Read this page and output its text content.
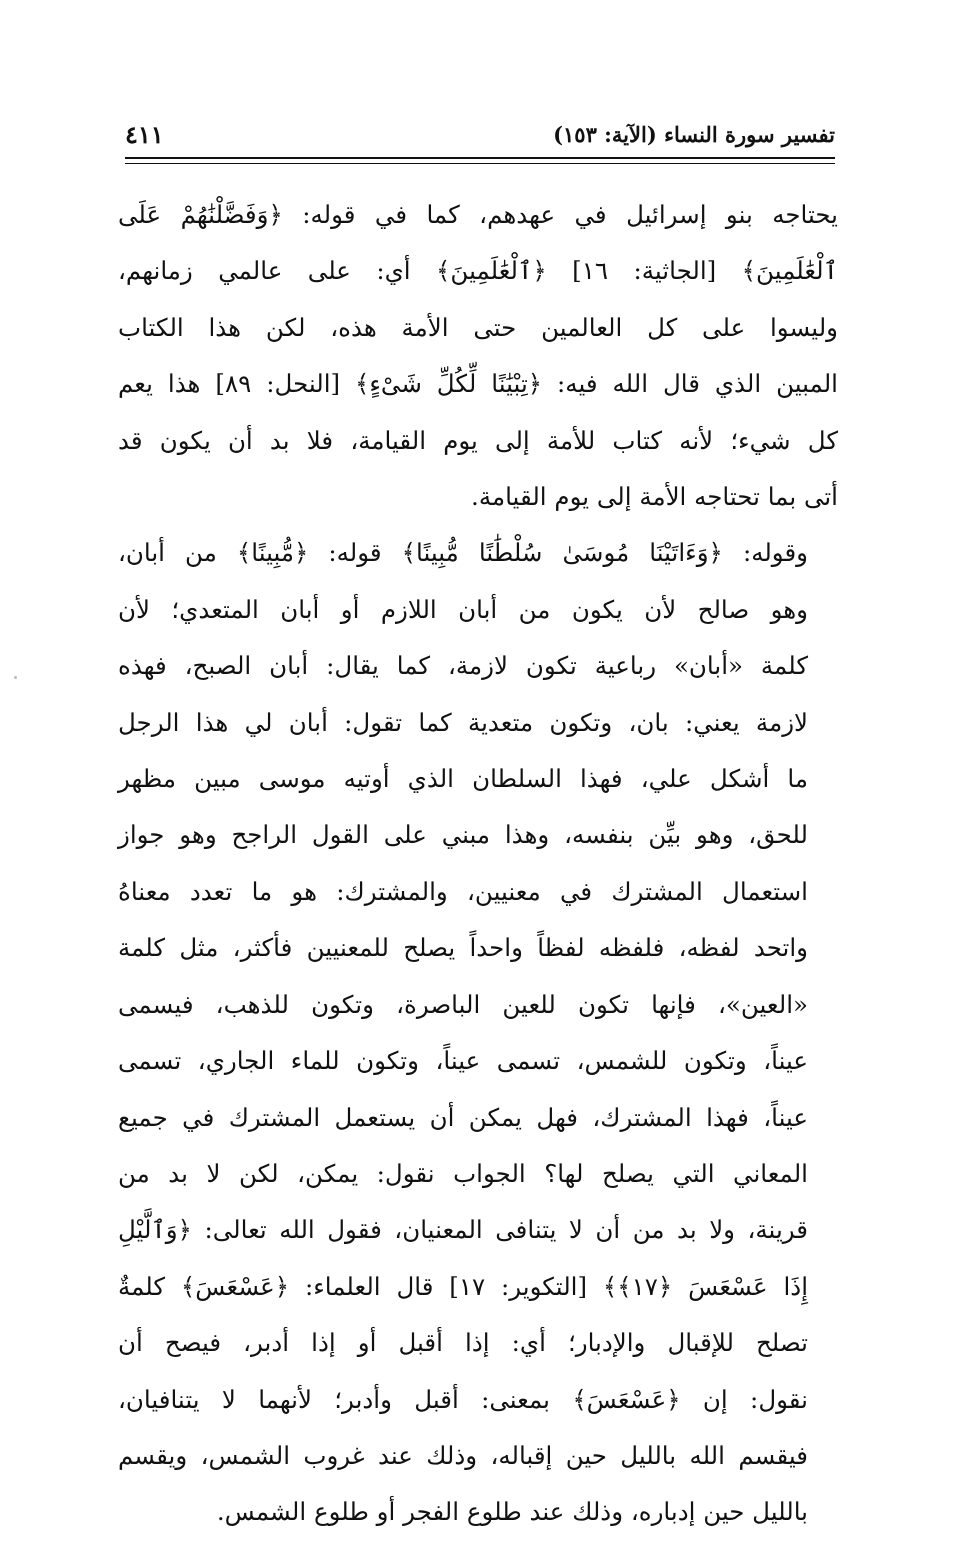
تفسير سورة النساء (الآية: ١٥٣)
٤١١

يحتاجه بنو إسرائيل في عهدهم، كما في قوله: ﴿وَفَضَّلْنَٰهُمْ عَلَى
ٱلْعَٰلَمِينَ﴾ [الجاثية: ١٦] ﴿ٱلْعَٰلَمِينَ﴾ أي: على عالمي زمانهم،
وليسوا على كل العالمين حتى الأمة هذه، لكن هذا الكتاب
المبين الذي قال الله فيه: ﴿تِبْيَٰنًا لِّكُلِّ شَىْءٍ﴾ [النحل: ٨٩] هذا يعم
كل شيء؛ لأنه كتاب للأمة إلى يوم القيامة، فلا بد أن يكون قد
أتى بما تحتاجه الأمة إلى يوم القيامة.

وقوله: ﴿وَءَاتَيْنَا مُوسَىٰ سُلْطَٰنًا مُّبِينًا﴾ قوله: ﴿مُّبِينًا﴾ من أبان،
وهو صالح لأن يكون من أبان اللازم أو أبان المتعدي؛ لأن
كلمة «أبان» رباعية تكون لازمة، كما يقال: أبان الصبح، فهذه
لازمة يعني: بان، وتكون متعدية كما تقول: أبان لي هذا الرجل
ما أشكل علي، فهذا السلطان الذي أوتيه موسى مبين مظهر
للحق، وهو بيِّن بنفسه، وهذا مبني على القول الراجح وهو جواز
استعمال المشترك في معنيين، والمشترك: هو ما تعدد معناهُ
واتحد لفظه، فلفظه لفظاً واحداً يصلح للمعنيين فأكثر، مثل كلمة
«العين»، فإنها تكون للعين الباصرة، وتكون للذهب، فيسمى
عيناً، وتكون للشمس، تسمى عيناً، وتكون للماء الجاري، تسمى
عيناً، فهذا المشترك، فهل يمكن أن يستعمل المشترك في جميع
المعاني التي يصلح لها؟ الجواب نقول: يمكن، لكن لا بد من
قرينة، ولا بد من أن لا يتنافى المعنيان، فقول الله تعالى: ﴿وَٱلَّيْلِ
إِذَا عَسْعَسَ ﴿١٧﴾﴾ [التكوير: ١٧] قال العلماء: ﴿عَسْعَسَ﴾ كلمةٌ
تصلح للإقبال والإدبار؛ أي: إذا أقبل أو إذا أدبر، فيصح أن
نقول: إن ﴿عَسْعَسَ﴾ بمعنى: أقبل وأدبر؛ لأنهما لا يتنافيان،
فيقسم الله بالليل حين إقباله، وذلك عند غروب الشمس، ويقسم
بالليل حين إدباره، وذلك عند طلوع الفجر أو طلوع الشمس.
